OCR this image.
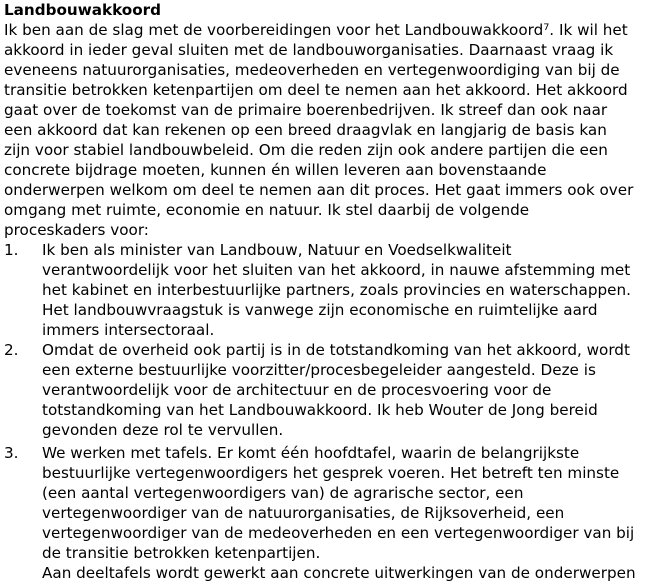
Landbouwakkoord
Ik ben aan de slag met de voorbereidingen voor het Landbouwakkoord⁷. Ik wil het
akkoord in ieder geval sluiten met de landbouworganisaties. Daarnaast vraag ik
eveneens natuurorganisaties, medeoverheden en vertegenwoordiging van bij de
transitie betrokken ketenpartijen om deel te nemen aan het akkoord. Het akkoord
gaat over de toekomst van de primaire boerenbedrijven. Ik streef dan ook naar
een akkoord dat kan rekenen op een breed draagvlak en langjarig de basis kan
zijn voor stabiel landbouwbeleid. Om die reden zijn ook andere partijen die een
concrete bijdrage moeten, kunnen én willen leveren aan bovenstaande
onderwerpen welkom om deel te nemen aan dit proces. Het gaat immers ook over
omgang met ruimte, economie en natuur. Ik stel daarbij de volgende
proceskaders voor:
1. Ik ben als minister van Landbouw, Natuur en Voedselkwaliteit
verantwoordelijk voor het sluiten van het akkoord, in nauwe afstemming met
het kabinet en interbestuurlijke partners, zoals provincies en waterschappen.
Het landbouwvraagstuk is vanwege zijn economische en ruimtelijke aard
immers intersectoraal.
2. Omdat de overheid ook partij is in de totstandkoming van het akkoord, wordt
een externe bestuurlijke voorzitter/procesbegeleider aangesteld. Deze is
verantwoordelijk voor de architectuur en de procesvoering voor de
totstandkoming van het Landbouwakkoord. Ik heb Wouter de Jong bereid
gevonden deze rol te vervullen.
3. We werken met tafels. Er komt één hoofdtafel, waarin de belangrijkste
bestuurlijke vertegenwoordigers het gesprek voeren. Het betreft ten minste
(een aantal vertegenwoordigers van) de agrarische sector, een
vertegenwoordiger van de natuurorganisaties, de Rijksoverheid, een
vertegenwoordiger van de medeoverheden en een vertegenwoordiger van bij
de transitie betrokken ketenpartijen.
Aan deeltafels wordt gewerkt aan concrete uitwerkingen van de onderwerpen
